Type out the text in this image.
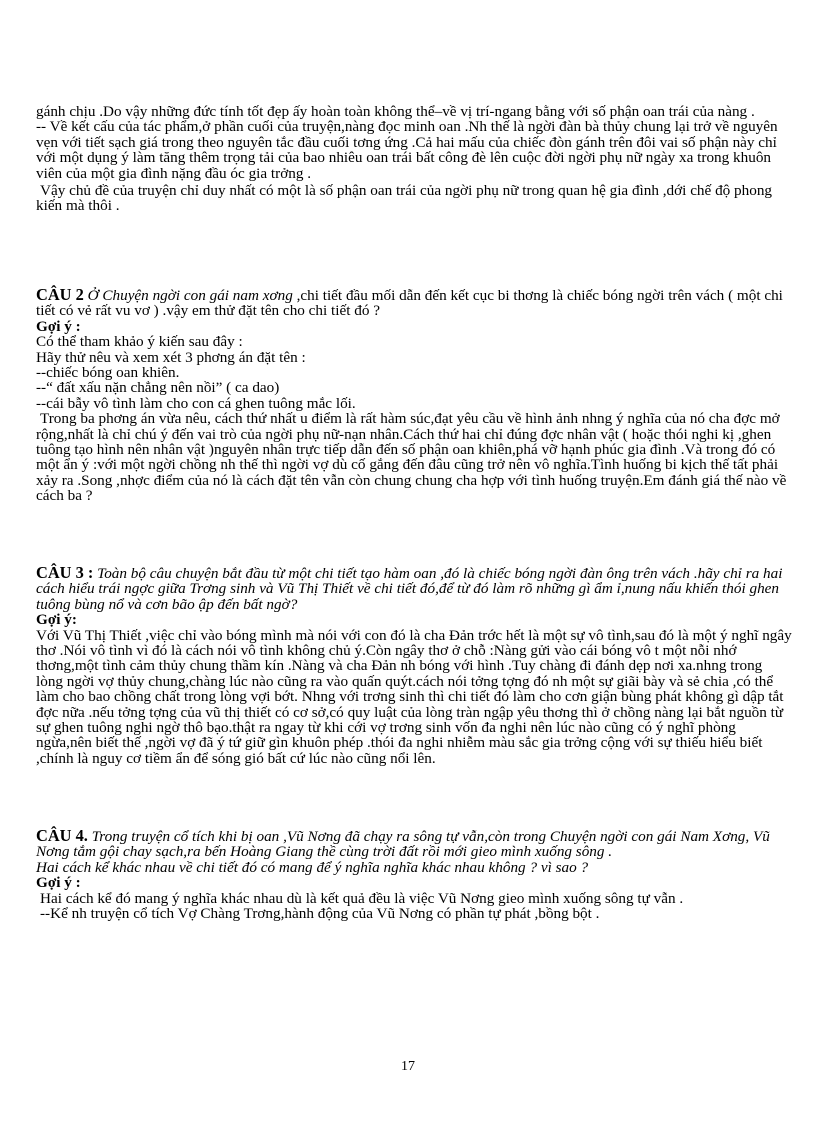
gánh chịu .Do vậy những đức tính tốt đẹp ấy hoàn toàn không thể–về vị trí-ngang bằng với số phận oan trái của nàng .

-- Về kết cấu của tác phẩm,ở phần cuối của truyện,nàng đọc minh oan .Nh thế là ngời đàn bà thủy chung lại trở về nguyên vẹn với tiết sạch giá trong theo nguyên tắc đầu cuối tơng ứng .Cả hai mấu của chiếc đòn gánh trên đôi vai số phận này chỉ với một dụng ý làm tăng thêm trọng tải của bao nhiêu oan trái bất công đè lên cuộc đời ngời phụ nữ ngày xa trong khuôn viên của một gia đình nặng đầu óc gia trởng .

Vậy chủ đề của truyện chỉ duy nhất có một là số phận oan trái của ngời phụ nữ trong quan hệ gia đình ,dới chế độ phong kiến mà thôi .

CÂU 2 Ở Chuyện ngời con gái nam xơng ,chi tiết đầu mối dẫn đến kết cục bi thơng là chiếc bóng ngời trên vách ( một chi tiết có vẻ rất vu vơ ) .vậy em thử đặt tên cho chi tiết đó ?

Gợi ý :

Có thể tham khảo ý kiến sau đây :

Hãy thử nêu và xem xét 3 phơng án đặt tên :

--chiếc bóng oan khiên.

--“ đất xấu nặn chẳng nên nồi” ( ca dao)

--cái bẫy vô tình làm cho con cá ghen tuông mắc lối.

Trong ba phơng án vừa nêu, cách thứ nhất u điểm là rất hàm súc,đạt yêu cầu về hình ảnh nhng ý nghĩa của nó cha đợc mở rộng,nhất là chỉ chú ý đến vai trò của ngời phụ nữ-nạn nhân.Cách thứ hai chỉ đúng đợc nhân vật ( hoặc thói nghi kị ,ghen tuông tạo hình nên nhân vật )nguyên nhân trực tiếp dẫn đến số phận oan khiên,phá vỡ hạnh phúc gia đình .Và trong đó có một ẩn ý :với một ngời chồng nh thế thì ngời vợ dù cố gắng đến đâu cũng trở nên vô nghĩa.Tình huống bi kịch thế tất phải xảy ra .Song ,nhợc điểm của nó là cách đặt tên vẫn còn chung chung cha hợp với tình huống truyện.Em đánh giá thế nào về cách ba ?

CÂU 3 : Toàn bộ câu chuyện bắt đầu từ một chi tiết tạo hàm oan ,đó là chiếc bóng ngời đàn ông trên vách .hãy chỉ ra hai cách hiểu trái ngợc giữa Trơng sinh và Vũ Thị Thiết về chi tiết đó,để từ đó làm rõ những gì ẩm ỉ,nung nấu khiến thói ghen tuông bùng nổ và cơn bão ập đến bất ngờ?

Gợi ý:

Với Vũ Thị Thiết ,việc chỉ vào bóng mình mà nói với con đó là cha Đản trớc hết là một sự vô tình,sau đó là một ý nghĩ ngây thơ .Nói vô tình vì đó là cách nói vô tình không chủ ý.Còn ngây thơ ở chỗ :Nàng gửi vào cái bóng vô t một nỗi nhớ thơng,một tình cảm thủy chung thầm kín .Nàng và cha Đản nh bóng với hình .Tuy chàng đi đánh dẹp nơi xa.nhng trong lòng ngời vợ thủy chung,chàng lúc nào cũng ra vào quấn quýt.cách nói tởng tợng đó nh một sự giãi bày và sẻ chia ,có thể làm cho bao chồng chất trong lòng vợi bớt. Nhng với trơng sinh thì chi tiết đó làm cho cơn giận bùng phát không gì dập tắt đợc nữa .nếu tởng tợng của vũ thị thiết có cơ sở,có quy luật của lòng tràn ngập yêu thơng thì ở chồng nàng lại bắt nguồn từ sự ghen tuông nghi ngờ thô bạo.thật ra ngay từ khi cới vợ trơng sinh vốn đa nghi nên lúc nào cũng có ý nghĩ phòng ngừa,nên biết thế ,ngời vợ đã ý tứ giữ gìn khuôn phép .thói đa nghi nhiễm màu sắc gia trởng cộng với sự thiếu hiểu biết ,chính là nguy cơ tiềm ẩn để sóng gió bất cứ lúc nào cũng nổi lên.

CÂU 4. Trong truyện cổ tích khi bị oan ,Vũ Nơng đã chạy ra sông tự vẫn,còn trong Chuyện ngời con gái Nam Xơng, Vũ Nơng tắm gội chay sạch,ra bến Hoàng Giang thề cùng trời đất rồi mới gieo mình xuống sông .

Hai cách kể khác nhau về chi tiết đó có mang để ý nghĩa nghĩa khác nhau không ? vì sao ?

Gợi ý :

Hai cách kể đó mang ý nghĩa khác nhau dù là kết quả đều là việc Vũ Nơng gieo mình xuống sông tự vẫn .

--Kể nh truyện cổ tích Vợ Chàng Trơng,hành động của Vũ Nơng có phần tự phát ,bồng bột .

17
